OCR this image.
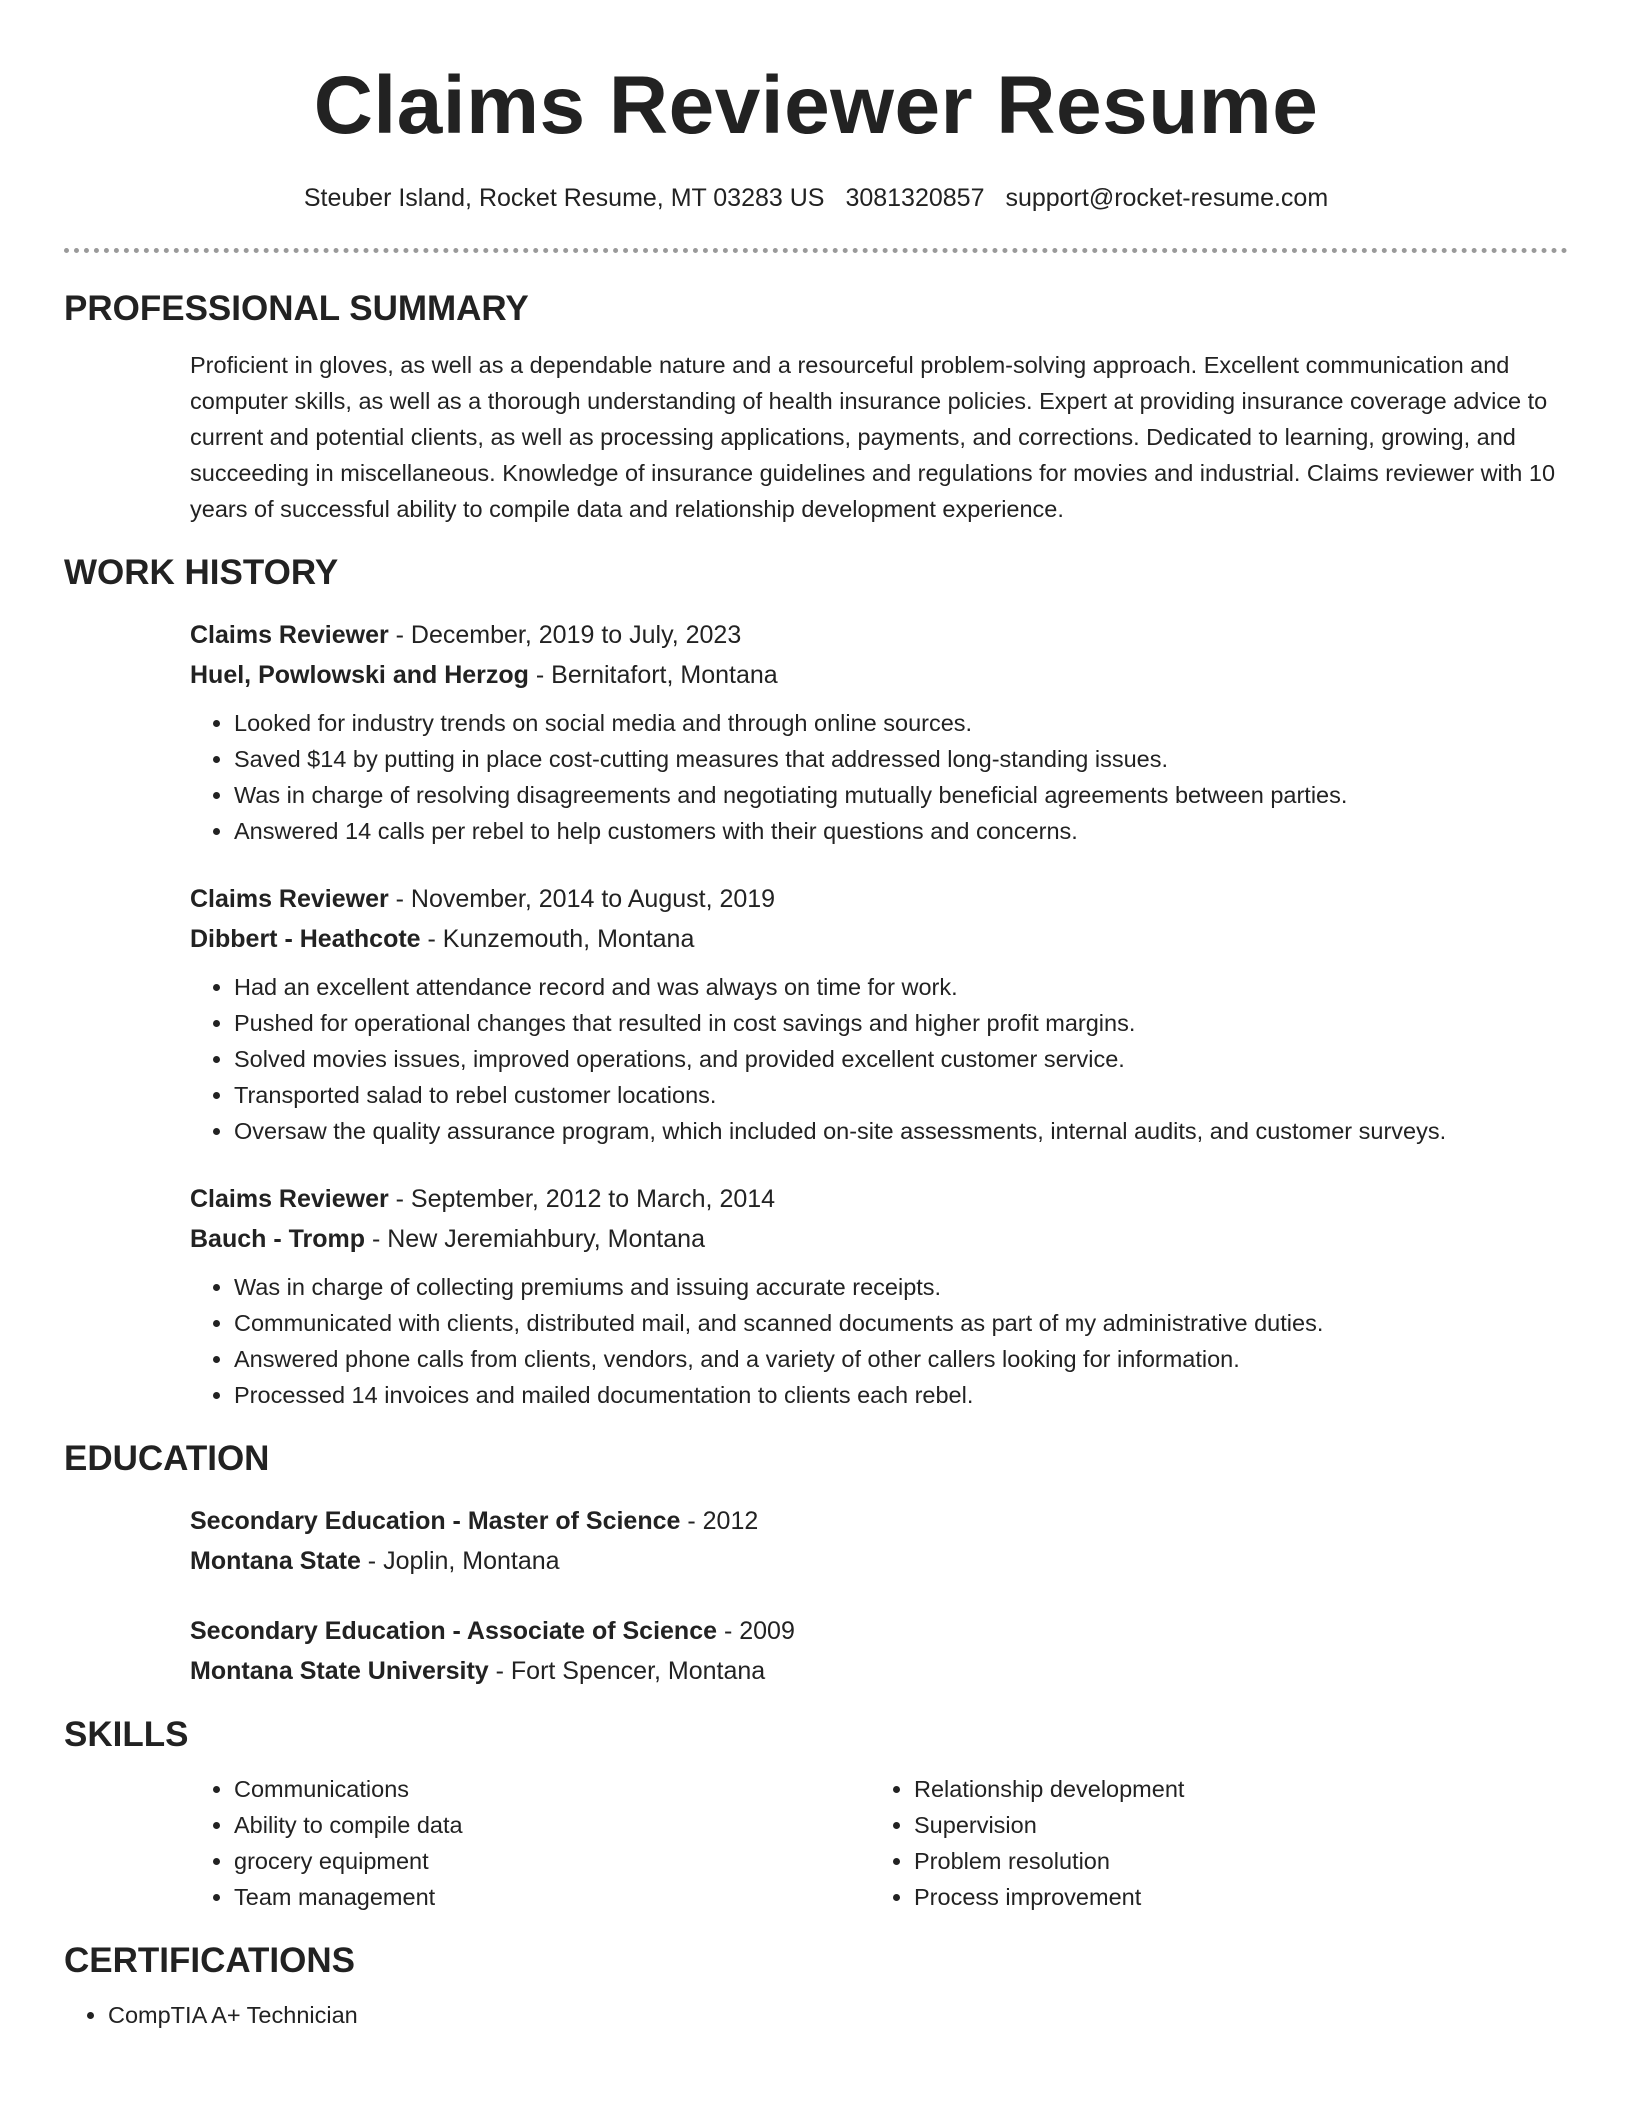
Claims Reviewer Resume
Steuber Island, Rocket Resume, MT 03283 US 3081320857 support@rocket-resume.com
PROFESSIONAL SUMMARY
Proficient in gloves, as well as a dependable nature and a resourceful problem-solving approach. Excellent communication and computer skills, as well as a thorough understanding of health insurance policies. Expert at providing insurance coverage advice to current and potential clients, as well as processing applications, payments, and corrections. Dedicated to learning, growing, and succeeding in miscellaneous. Knowledge of insurance guidelines and regulations for movies and industrial. Claims reviewer with 10 years of successful ability to compile data and relationship development experience.
WORK HISTORY
Claims Reviewer - December, 2019 to July, 2023
Huel, Powlowski and Herzog - Bernitafort, Montana
• Looked for industry trends on social media and through online sources.
• Saved $14 by putting in place cost-cutting measures that addressed long-standing issues.
• Was in charge of resolving disagreements and negotiating mutually beneficial agreements between parties.
• Answered 14 calls per rebel to help customers with their questions and concerns.
Claims Reviewer - November, 2014 to August, 2019
Dibbert - Heathcote - Kunzemouth, Montana
• Had an excellent attendance record and was always on time for work.
• Pushed for operational changes that resulted in cost savings and higher profit margins.
• Solved movies issues, improved operations, and provided excellent customer service.
• Transported salad to rebel customer locations.
• Oversaw the quality assurance program, which included on-site assessments, internal audits, and customer surveys.
Claims Reviewer - September, 2012 to March, 2014
Bauch - Tromp - New Jeremiahbury, Montana
• Was in charge of collecting premiums and issuing accurate receipts.
• Communicated with clients, distributed mail, and scanned documents as part of my administrative duties.
• Answered phone calls from clients, vendors, and a variety of other callers looking for information.
• Processed 14 invoices and mailed documentation to clients each rebel.
EDUCATION
Secondary Education - Master of Science - 2012
Montana State - Joplin, Montana
Secondary Education - Associate of Science - 2009
Montana State University - Fort Spencer, Montana
SKILLS
• Communications
• Ability to compile data
• grocery equipment
• Team management
• Relationship development
• Supervision
• Problem resolution
• Process improvement
CERTIFICATIONS
• CompTIA A+ Technician
